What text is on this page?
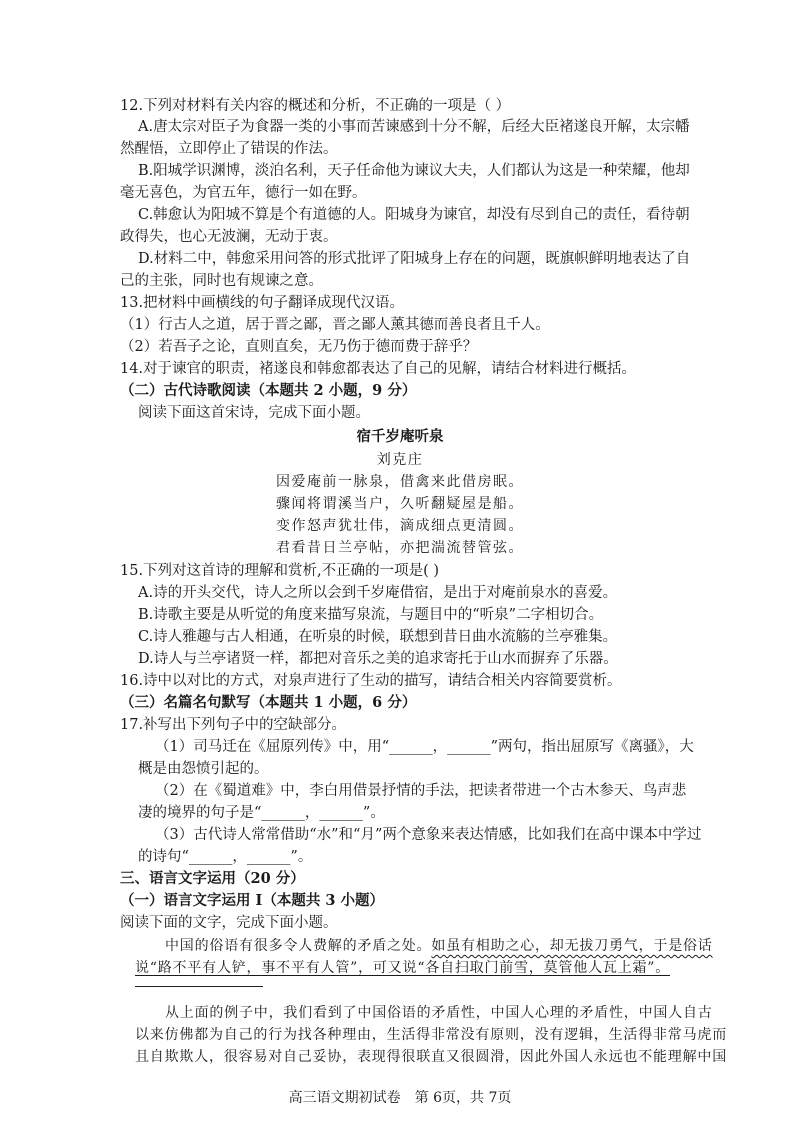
12.下列对材料有关内容的概述和分析，不正确的一项是（ ）
A.唐太宗对臣子为食器一类的小事而苦谏感到十分不解，后经大臣褚遂良开解，太宗幡
然醒悟，立即停止了错误的作法。
B.阳城学识渊博，淡泊名利，天子任命他为谏议大夫，人们都认为这是一种荣耀，他却
毫无喜色，为官五年，德行一如在野。
C.韩愈认为阳城不算是个有道德的人。阳城身为谏官，却没有尽到自己的责任，看待朝
政得失，也心无波澜，无动于衷。
D.材料二中，韩愈采用问答的形式批评了阳城身上存在的问题，既旗帜鲜明地表达了自
己的主张，同时也有规谏之意。
13.把材料中画横线的句子翻译成现代汉语。
（1）行古人之道，居于晋之鄙，晋之鄙人薰其德而善良者且千人。
（2）若吾子之论，直则直矣，无乃伤于德而费于辞乎？
14.对于谏官的职责，褚遂良和韩愈都表达了自己的见解，请结合材料进行概括。
（二）古代诗歌阅读（本题共 2 小题，9 分）
阅读下面这首宋诗，完成下面小题。
宿千岁庵听泉
刘克庄
因爱庵前一脉泉，借禽来此借房眠。
骤闻将谓溪当户，久听翻疑屋是船。
变作怒声犹壮伟，滴成细点更清圆。
君看昔日兰亭帖，亦把湍流替管弦。
15.下列对这首诗的理解和赏析,不正确的一项是( )
A.诗的开头交代，诗人之所以会到千岁庵借宿，是出于对庵前泉水的喜爱。
B.诗歌主要是从听觉的角度来描写泉流，与题目中的“听泉”二字相切合。
C.诗人雅趣与古人相通，在听泉的时候，联想到昔日曲水流觞的兰亭雅集。
D.诗人与兰亭诸贤一样，都把对音乐之美的追求寄托于山水而摒弃了乐器。
16.诗中以对比的方式，对泉声进行了生动的描写，请结合相关内容简要赏析。
（三）名篇名句默写（本题共 1 小题，6 分）
17.补写出下列句子中的空缺部分。
（1）司马迁在《屈原列传》中，用“______，______”两句，指出屈原写《离骚》，大
概是由怨愤引起的。
（2）在《蜀道难》中，李白用借景抒情的手法，把读者带进一个古木参天、鸟声悲
凄的境界的句子是“______，______”。
（3）古代诗人常常借助“水”和“月”两个意象来表达情感，比如我们在高中课本中学过
的诗句“______，______”。
三、语言文字运用（20 分）
（一）语言文字运用 Ⅰ（本题共 3 小题）
阅读下面的文字，完成下面小题。
中国的俗语有很多令人费解的矛盾之处。如虽有相助之心，却无拔刀勇气，于是俗话
说“路不平有人铲，事不平有人管”，可又说“各自扫取门前雪，莫管他人瓦上霜”。
从上面的例子中，我们看到了中国俗语的矛盾性，中国人心理的矛盾性，中国人自古
以来仿佛都为自己的行为找各种理由，生活得非常没有原则，没有逻辑，生活得非常马虎而
且自欺欺人，很容易对自己妥协，表现得很联直又很圆滑，因此外国人永远也不能理解中国
高三语文期初试卷　第 6页，共 7页
